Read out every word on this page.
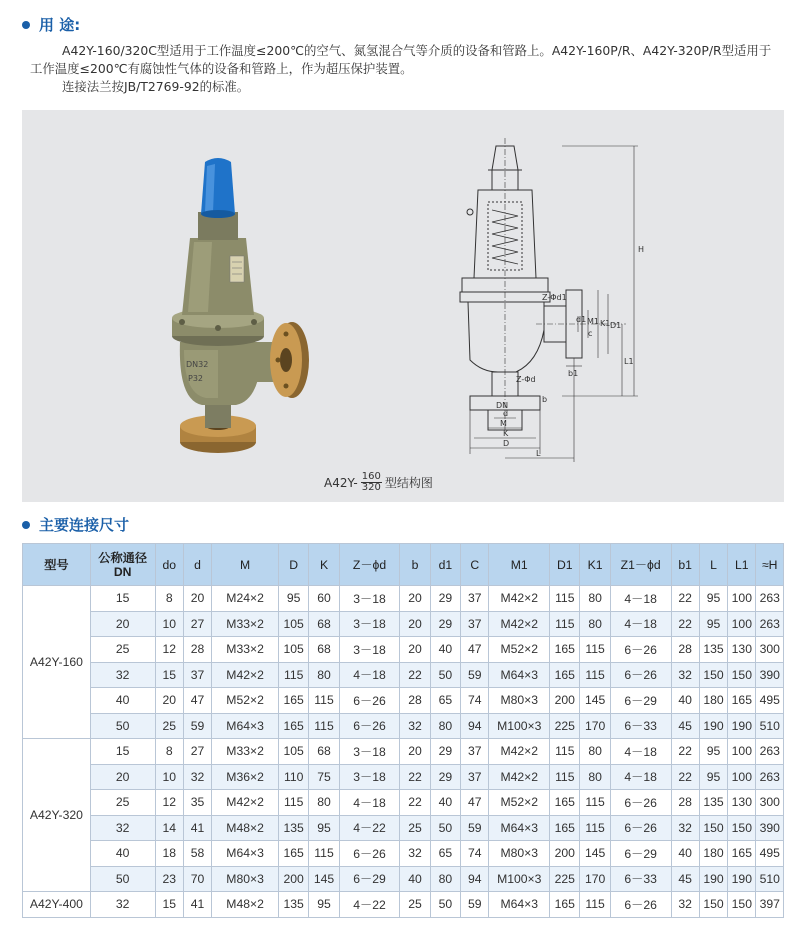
用 途:

A42Y-160/320C型适用于工作温度≤200℃的空气、氮氢混合气等介质的设备和管路上。A42Y-160P/R、A42Y-320P/R型适用于

工作温度≤200℃有腐蚀性气体的设备和管路上，作为超压保护装置。

连接法兰按JB/T2769-92的标准。

DN32
P32
H
Z-Φd1
d1 M1
c
K1 D1
L1
b1
Z-Φd
b
DN
d
M
K
D
L
$A42Y- \frac{160}{320}$ 型结构图
主要连接尺寸
型号	公称通径 DN	do	d	M	D	K	Z－ϕd	b	d1	C	M1	D1	K1	Z1－ϕd	b1	L	L1	≈H
A42Y-160	15	8	20	M24×2	95	60	3－18	20	29	37	M42×2	115	80	4－18	22	95	100	263
	20	10	27	M33×2	105	68	3－18	20	29	37	M42×2	115	80	4－18	22	95	100	263
	25	12	28	M33×2	105	68	3－18	20	40	47	M52×2	165	115	6－26	28	135	130	300
	32	15	37	M42×2	115	80	4－18	22	50	59	M64×3	165	115	6－26	32	150	150	390
	40	20	47	M52×2	165	115	6－26	28	65	74	M80×3	200	145	6－29	40	180	165	495
	50	25	59	M64×3	165	115	6－26	32	80	94	M100×3	225	170	6－33	45	190	190	510
A42Y-320	15	8	27	M33×2	105	68	3－18	20	29	37	M42×2	115	80	4－18	22	95	100	263
	20	10	32	M36×2	110	75	3－18	22	29	37	M42×2	115	80	4－18	22	95	100	263
	25	12	35	M42×2	115	80	4－18	22	40	47	M52×2	165	115	6－26	28	135	130	300
	32	14	41	M48×2	135	95	4－22	25	50	59	M64×3	165	115	6－26	32	150	150	390
	40	18	58	M64×3	165	115	6－26	32	65	74	M80×3	200	145	6－29	40	180	165	495
	50	23	70	M80×3	200	145	6－29	40	80	94	M100×3	225	170	6－33	45	190	190	510
A42Y-400	32	15	41	M48×2	135	95	4－22	25	50	59	M64×3	165	115	6－26	32	150	150	397
